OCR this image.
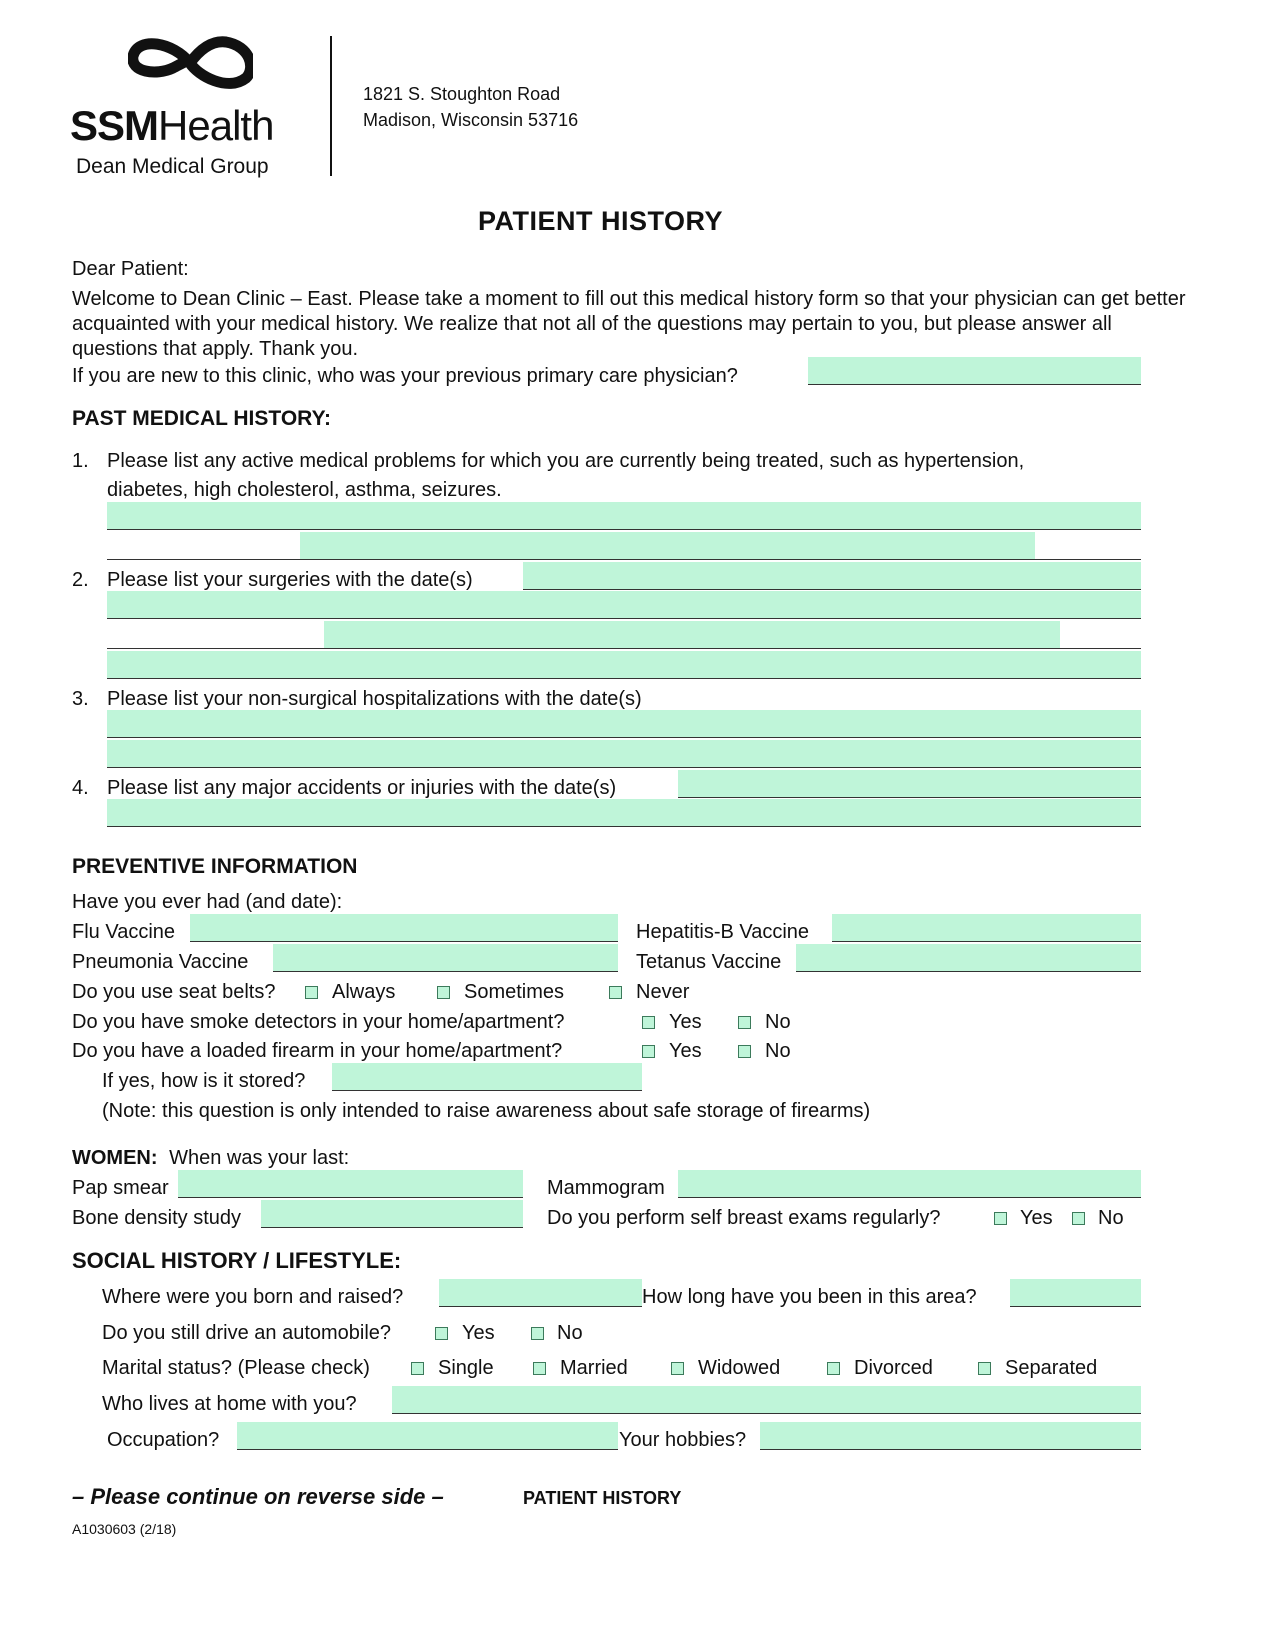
SSMHealth
Dean Medical Group
1821 S. Stoughton Road
Madison, Wisconsin 53716
PATIENT HISTORY
Dear Patient:
Welcome to Dean Clinic – East. Please take a moment to fill out this medical history form so that your physician can get better acquainted with your medical history. We realize that not all of the questions may pertain to you, but please answer all questions that apply. Thank you.
If you are new to this clinic, who was your previous primary care physician?
PAST MEDICAL HISTORY:
1. Please list any active medical problems for which you are currently being treated, such as hypertension,
diabetes, high cholesterol, asthma, seizures.
2. Please list your surgeries with the date(s)
3. Please list your non-surgical hospitalizations with the date(s)
4. Please list any major accidents or injuries with the date(s)
PREVENTIVE INFORMATION
Have you ever had (and date):
Flu Vaccine	Hepatitis-B Vaccine
Pneumonia Vaccine	Tetanus Vaccine
Do you use seat belts?	Always	Sometimes	Never
Do you have smoke detectors in your home/apartment?	Yes	No
Do you have a loaded firearm in your home/apartment?	Yes	No
If yes, how is it stored?
(Note: this question is only intended to raise awareness about safe storage of firearms)
WOMEN: When was your last:
Pap smear	Mammogram
Bone density study	Do you perform self breast exams regularly?	Yes No
SOCIAL HISTORY / LIFESTYLE:
Where were you born and raised?	How long have you been in this area?
Do you still drive an automobile?	Yes	No
Marital status? (Please check)	Single	Married	Widowed	Divorced	Separated
Who lives at home with you?
Occupation?	Your hobbies?
– Please continue on reverse side –	PATIENT HISTORY
A1030603 (2/18)
